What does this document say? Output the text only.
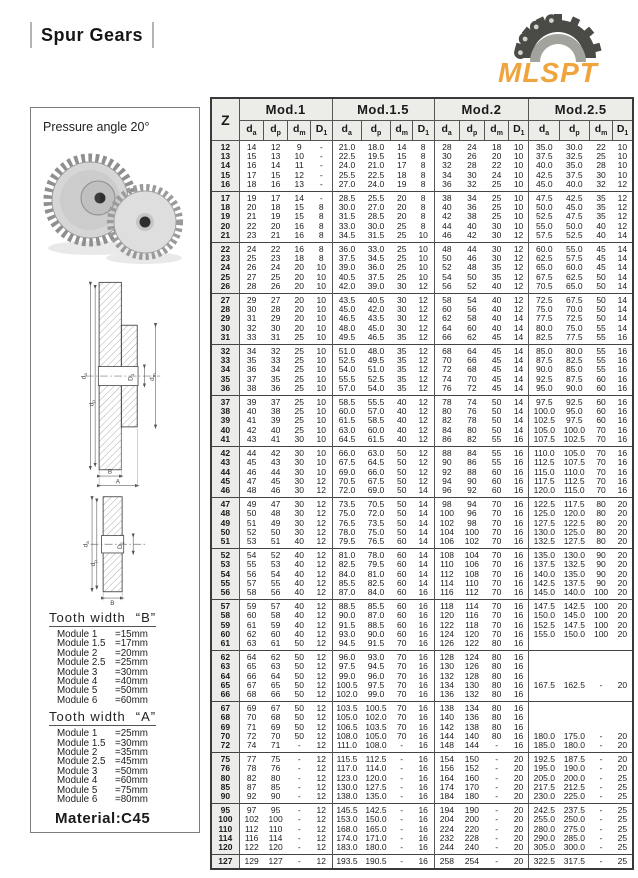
Spur Gears
MLSPT
Pressure angle 20°
$d_a$
$d_p$
$D_1$
$d_m$
B
A
$d_a$
$d_p$
$D_1$
B
Tooth width “B”
Module 1	=15mm
Module 1.5 =17mm
Module 2	=20mm
Module 2.5 =25mm
Module 3	=30mm
Module 4	=40mm
Module 5	=50mm
Module 6	=60mm
Tooth width “A”
Module 1	=25mm
Module 1.5 =30mm
Module 2	=35mm
Module 2.5 =45mm
Module 3	=50mm
Module 4	=60mm
Module 5	=75mm
Module 6	=80mm
Material:C45
Z	Mod.1				Mod.1.5				Mod.2				Mod.2.5			
	$d_a$	$d_p$	$d_m$	$D_1$	$d_a$	$d_p$	$d_m$	$D_1$	$d_a$	$d_p$	$d_m$	$D_1$	$d_a$	$d_p$	$d_m$	$D_1$
12	14	12	9	-	21.0	18.0	14	8	28	24	18	10	35.0	30.0	22	10
13	15	13	10	-	22.5	19.5	15	8	30	26	20	10	37.5	32.5	25	10
14	16	14	11	-	24.0	21.0	17	8	32	28	22	10	40.0	35.0	28	10
15	17	15	12	-	25.5	22.5	18	8	34	30	24	10	42.5	37.5	30	10
16	18	16	13	-	27.0	24.0	19	8	36	32	25	10	45.0	40.0	32	12
17	19	17	14	-	28.5	25.5	20	8	38	34	25	10	47.5	42.5	35	12
18	20	18	15	8	30.0	27.0	20	8	40	36	25	10	50.0	45.0	35	12
19	21	19	15	8	31.5	28.5	20	8	42	38	25	10	52.5	47.5	35	12
20	22	20	16	8	33.0	30.0	25	8	44	40	30	10	55.0	50.0	40	12
21	23	21	16	8	34.5	31.5	25	10	46	42	30	12	57.5	52.5	40	14
22	24	22	16	8	36.0	33.0	25	10	48	44	30	12	60.0	55.0	45	14
23	25	23	18	8	37.5	34.5	25	10	50	46	30	12	62.5	57.5	45	14
24	26	24	20	10	39.0	36.0	25	10	52	48	35	12	65.0	60.0	45	14
25	27	25	20	10	40.5	37.5	25	10	54	50	35	12	67.5	62.5	50	14
26	28	26	20	10	42.0	39.0	30	12	56	52	40	12	70.5	65.0	50	14
27	29	27	20	10	43.5	40.5	30	12	58	54	40	12	72.5	67.5	50	14
28	30	28	20	10	45.0	42.0	30	12	60	56	40	12	75.0	70.0	50	14
29	31	29	20	10	46.5	43.5	30	12	62	58	40	14	77.5	72.5	50	14
30	32	30	20	10	48.0	45.0	30	12	64	60	40	14	80.0	75.0	55	14
31	33	31	25	10	49.5	46.5	35	12	66	62	45	14	82.5	77.5	55	16
32	34	32	25	10	51.0	48.0	35	12	68	64	45	14	85.0	80.0	55	16
33	35	33	25	10	52.5	49.5	35	12	70	66	45	14	87.5	82.5	55	16
34	36	34	25	10	54.0	51.0	35	12	72	68	45	14	90.0	85.0	55	16
35	37	35	25	10	55.5	52.5	35	12	74	70	45	14	92.5	87.5	60	16
36	38	36	25	10	57.0	54.0	35	12	76	72	45	14	95.0	90.0	60	16
37	39	37	25	10	58.5	55.5	40	12	78	74	50	14	97.5	92.5	60	16
38	40	38	25	10	60.0	57.0	40	12	80	76	50	14	100.0	95.0	60	16
39	41	39	25	10	61.5	58.5	40	12	82	78	50	14	102.5	97.5	60	16
40	42	40	25	10	63.0	60.0	40	12	84	80	50	14	105.0	100.0	70	16
41	43	41	30	10	64.5	61.5	40	12	86	82	55	16	107.5	102.5	70	16
42	44	42	30	10	66.0	63.0	50	12	88	84	55	16	110.0	105.0	70	16
43	45	43	30	10	67.5	64.5	50	12	90	86	55	16	112.5	107.5	70	16
44	46	44	30	10	69.0	66.0	50	12	92	88	60	16	115.0	110.0	70	16
45	47	45	30	12	70.5	67.5	50	12	94	90	60	16	117.5	112.5	70	16
46	48	46	30	12	72.0	69.0	50	14	96	92	60	16	120.0	115.0	70	16
47	49	47	30	12	73.5	70.5	50	14	98	94	70	16	122.5	117.5	80	20
48	50	48	30	12	75.0	72.0	50	14	100	96	70	16	125.0	120.0	80	20
49	51	49	30	12	76.5	73.5	50	14	102	98	70	16	127.5	122.5	80	20
50	52	50	30	12	78.0	75.0	50	14	104	100	70	16	130.0	125.0	80	20
51	53	51	40	12	79.5	76.5	60	14	106	102	70	16	132.5	127.5	80	20
52	54	52	40	12	81.0	78.0	60	14	108	104	70	16	135.0	130.0	90	20
53	55	53	40	12	82.5	79.5	60	14	110	106	70	16	137.5	132.5	90	20
54	56	54	40	12	84.0	81.0	60	14	112	108	70	16	140.0	135.0	90	20
55	57	55	40	12	85.5	82.5	60	14	114	110	70	16	142.5	137.5	90	20
56	58	56	40	12	87.0	84.0	60	16	116	112	70	16	145.0	140.0	100	20
57	59	57	40	12	88.5	85.5	60	16	118	114	70	16	147.5	142.5	100	20
58	60	58	40	12	90.0	87.0	60	16	120	116	70	16	150.0	145.0	100	20
59	61	59	40	12	91.5	88.5	60	16	122	118	70	16	152.5	147.5	100	20
60	62	60	40	12	93.0	90.0	60	16	124	120	70	16	155.0	150.0	100	20
61	63	61	50	12	94.5	91.5	70	16	126	122	80	16				
62	64	62	50	12	96.0	93.0	70	16	128	124	80	16				
63	65	63	50	12	97.5	94.5	70	16	130	126	80	16				
64	66	64	50	12	99.0	96.0	70	16	132	128	80	16				
65	67	65	50	12	100.5	97.5	70	16	134	130	80	16	167.5	162.5	-	20
66	68	66	50	12	102.0	99.0	70	16	136	132	80	16				
67	69	67	50	12	103.5	100.5	70	16	138	134	80	16				
68	70	68	50	12	105.0	102.0	70	16	140	136	80	16				
69	71	69	50	12	106.5	103.5	70	16	142	138	80	16				
70	72	70	50	12	108.0	105.0	70	16	144	140	80	16	180.0	175.0	-	20
72	74	71	-	12	111.0	108.0	-	16	148	144	-	16	185.0	180.0	-	20
75	77	75	-	12	115.5	112.5	-	16	154	150	-	20	192.5	187.5	-	20
76	78	76	-	12	117.0	114.0	-	16	156	152	-	20	195.0	190.0	-	20
80	82	80	-	12	123.0	120.0	-	16	164	160	-	20	205.0	200.0	-	25
85	87	85	-	12	130.0	127.5	-	16	174	170	-	20	217.5	212.5	-	25
90	92	90	-	12	138.0	135.0	-	16	184	180	-	20	230.0	225.0	-	25
95	97	95	-	12	145.5	142.5	-	16	194	190	-	20	242.5	237.5	-	25
100	102	100	-	12	153.0	150.0	-	16	204	200	-	20	255.0	250.0	-	25
110	112	110	-	12	168.0	165.0	-	16	224	220	-	20	280.0	275.0	-	25
114	116	114	-	12	174.0	171.0	-	16	232	228	-	20	290.0	285.0	-	25
120	122	120	-	12	183.0	180.0	-	16	244	240	-	20	305.0	300.0	-	25
127	129	127	-	12	193.5	190.5	-	16	258	254	-	20	322.5	317.5	-	25
